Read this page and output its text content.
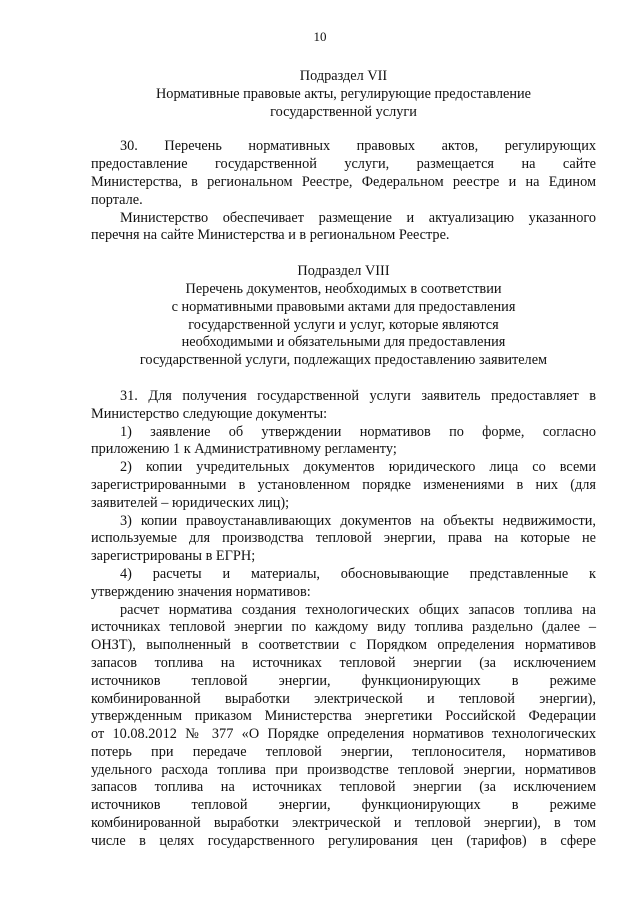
10
Подраздел VII
Нормативные правовые акты, регулирующие предоставление
государственной услуги
30. Перечень нормативных правовых актов, регулирующих
предоставление государственной услуги, размещается на сайте
Министерства, в региональном Реестре, Федеральном реестре и на Едином
портале.
Министерство обеспечивает размещение и актуализацию указанного
перечня на сайте Министерства и в региональном Реестре.
Подраздел VIII
Перечень документов, необходимых в соответствии
с нормативными правовыми актами для предоставления
государственной услуги и услуг, которые являются
необходимыми и обязательными для предоставления
государственной услуги, подлежащих предоставлению заявителем
31. Для получения государственной услуги заявитель предоставляет в
Министерство следующие документы:
1) заявление об утверждении нормативов по форме, согласно
приложению 1 к Административному регламенту;
2) копии учредительных документов юридического лица со всеми
зарегистрированными в установленном порядке изменениями в них (для
заявителей – юридических лиц);
3) копии правоустанавливающих документов на объекты недвижимости,
используемые для производства тепловой энергии, права на которые не
зарегистрированы в ЕГРН;
4) расчеты и материалы, обосновывающие представленные к
утверждению значения нормативов:
расчет норматива создания технологических общих запасов топлива на
источниках тепловой энергии по каждому виду топлива раздельно (далее –
ОНЗТ), выполненный в соответствии с Порядком определения нормативов
запасов топлива на источниках тепловой энергии (за исключением
источников тепловой энергии, функционирующих в режиме
комбинированной выработки электрической и тепловой энергии),
утвержденным приказом Министерства энергетики Российской Федерации
от 10.08.2012 № 377 «О Порядке определения нормативов технологических
потерь при передаче тепловой энергии, теплоносителя, нормативов
удельного расхода топлива при производстве тепловой энергии, нормативов
запасов топлива на источниках тепловой энергии (за исключением
источников тепловой энергии, функционирующих в режиме
комбинированной выработки электрической и тепловой энергии), в том
числе в целях государственного регулирования цен (тарифов) в сфере
